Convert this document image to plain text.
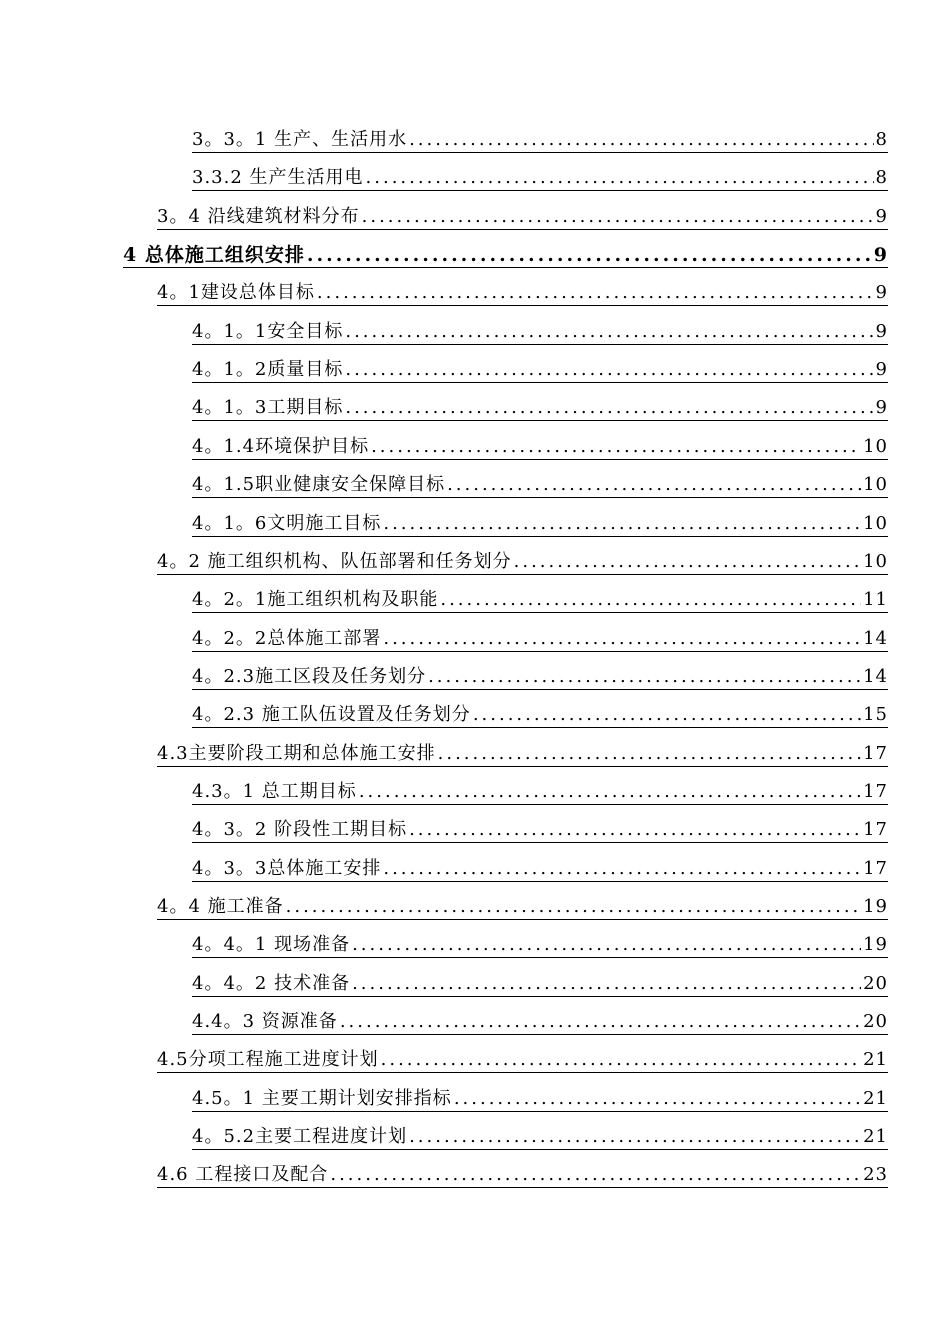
3。3。1 生产、生活用水 .....	8
3.3.2 生产生活用电 .....	8
3。4 沿线建筑材料分布 .....	9
4 总体施工组织安排 .....	9
4。1建设总体目标 .....	9
4。1。1安全目标 .....	9
4。1。2质量目标 .....	9
4。1。3工期目标 .....	9
4。1.4环境保护目标 .....	10
4。1.5职业健康安全保障目标 .....	10
4。1。6文明施工目标 .....	10
4。2 施工组织机构、队伍部署和任务划分 .....	10
4。2。1施工组织机构及职能 .....	11
4。2。2总体施工部署 .....	14
4。2.3施工区段及任务划分 .....	14
4。2.3 施工队伍设置及任务划分 .....	15
4.3主要阶段工期和总体施工安排 .....	17
4.3。1 总工期目标 .....	17
4。3。2 阶段性工期目标 .....	17
4。3。3总体施工安排 .....	17
4。4 施工准备 .....	19
4。4。1 现场准备 .....	19
4。4。2 技术准备 .....	20
4.4。3 资源准备 .....	20
4.5分项工程施工进度计划 .....	21
4.5。1 主要工期计划安排指标 .....	21
4。5.2主要工程进度计划 .....	21
4.6 工程接口及配合 .....	23
